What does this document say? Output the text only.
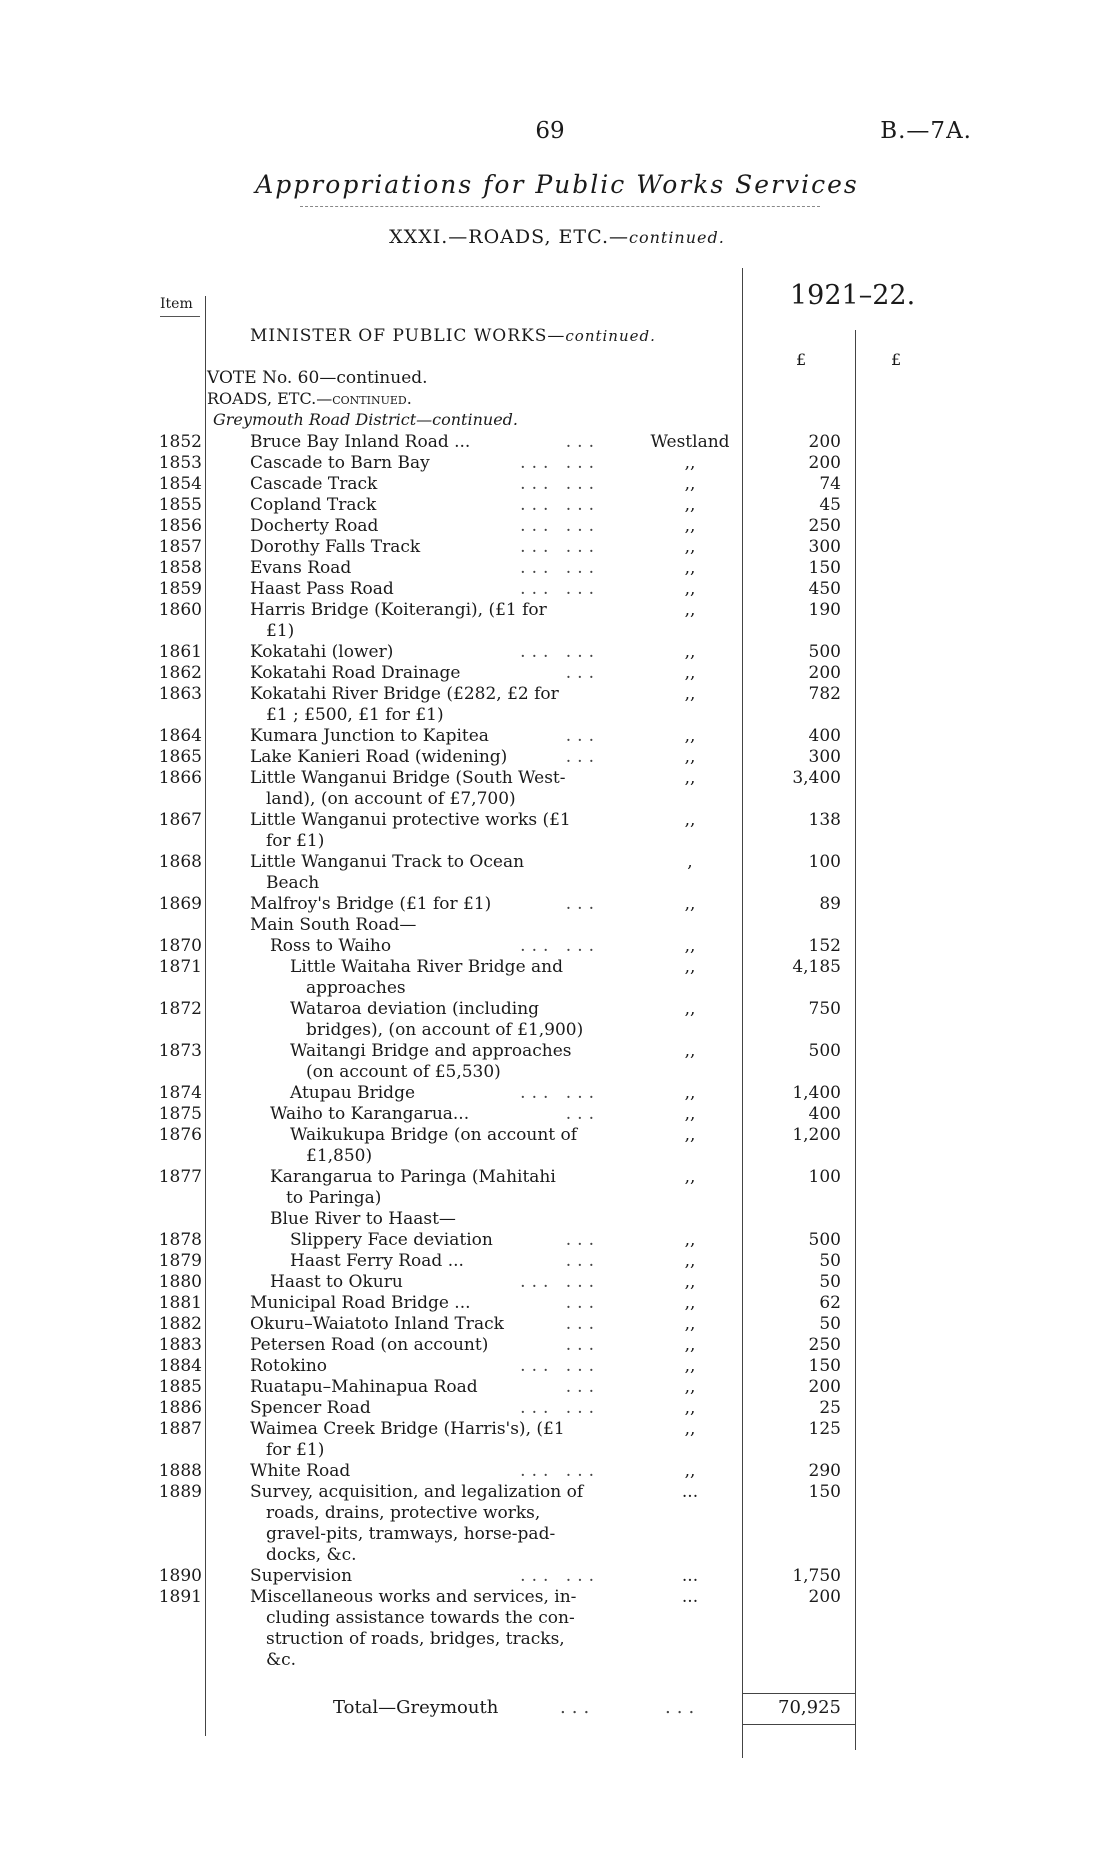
69	B.—7A.
Appropriations for Public Works Services
XXXI.—ROADS, ETC.—continued.
Item	1921–22.
MINISTER OF PUBLIC WORKS—continued.
£	£
VOTE No. 60—continued.
ROADS, ETC.—continued.
Greymouth Road District—continued.
1852	Bruce Bay Inland Road ...	...	Westland	200
1853	Cascade to Barn Bay	... ...	,,	200
1854	Cascade Track	... ...	,,	74
1855	Copland Track	... ...	,,	45
1856	Docherty Road	... ...	,,	250
1857	Dorothy Falls Track	... ...	,,	300
1858	Evans Road	... ...	,,	150
1859	Haast Pass Road	... ...	,,	450
1860	Harris Bridge (Koiterangi), (£1 for
£1)
,,	190
1861	Kokatahi (lower)	... ...	,,	500
1862	Kokatahi Road Drainage	...	,,	200
1863	Kokatahi River Bridge (£282, £2 for
£1 ; £500, £1 for £1)
,,	782
1864	Kumara Junction to Kapitea	...	,,	400
1865	Lake Kanieri Road (widening)	...	,,	300
1866	Little Wanganui Bridge (South West-
land), (on account of £7,700)
,,	3,400
1867	Little Wanganui protective works (£1
for £1)
,,	138
1868	Little Wanganui Track to Ocean
Beach
,	100
1869	Malfroy's Bridge (£1 for £1)	...	,,	89
Main South Road—
1870	Ross to Waiho	... ...	,,	152
1871	Little Waitaha River Bridge and
approaches
,,	4,185
1872	Wataroa deviation (including
bridges), (on account of £1,900)
,,	750
1873	Waitangi Bridge and approaches
(on account of £5,530)
,,	500
1874	Atupau Bridge	... ...	,,	1,400
1875	Waiho to Karangarua...	...	,,	400
1876	Waikukupa Bridge (on account of
£1,850)
,,	1,200
1877	Karangarua to Paringa (Mahitahi
to Paringa)
,,	100
Blue River to Haast—
1878	Slippery Face deviation	...	,,	500
1879	Haast Ferry Road ...	...	,,	50
1880	Haast to Okuru	... ...	,,	50
1881	Municipal Road Bridge ...	...	,,	62
1882	Okuru–Waiatoto Inland Track	...	,,	50
1883	Petersen Road (on account)	...	,,	250
1884	Rotokino	... ...	,,	150
1885	Ruatapu–Mahinapua Road	...	,,	200
1886	Spencer Road	... ...	,,	25
1887	Waimea Creek Bridge (Harris's), (£1
for £1)
,,	125
1888	White Road	... ...	,,	290
1889	Survey, acquisition, and legalization of
roads, drains, protective works,
gravel-pits, tramways, horse-pad-
docks, &c.
...	150
1890	Supervision	... ...	...	1,750
1891	Miscellaneous works and services, in-
cluding assistance towards the con-
struction of roads, bridges, tracks,
&c.
...	200
Total—Greymouth	...	...	70,925
